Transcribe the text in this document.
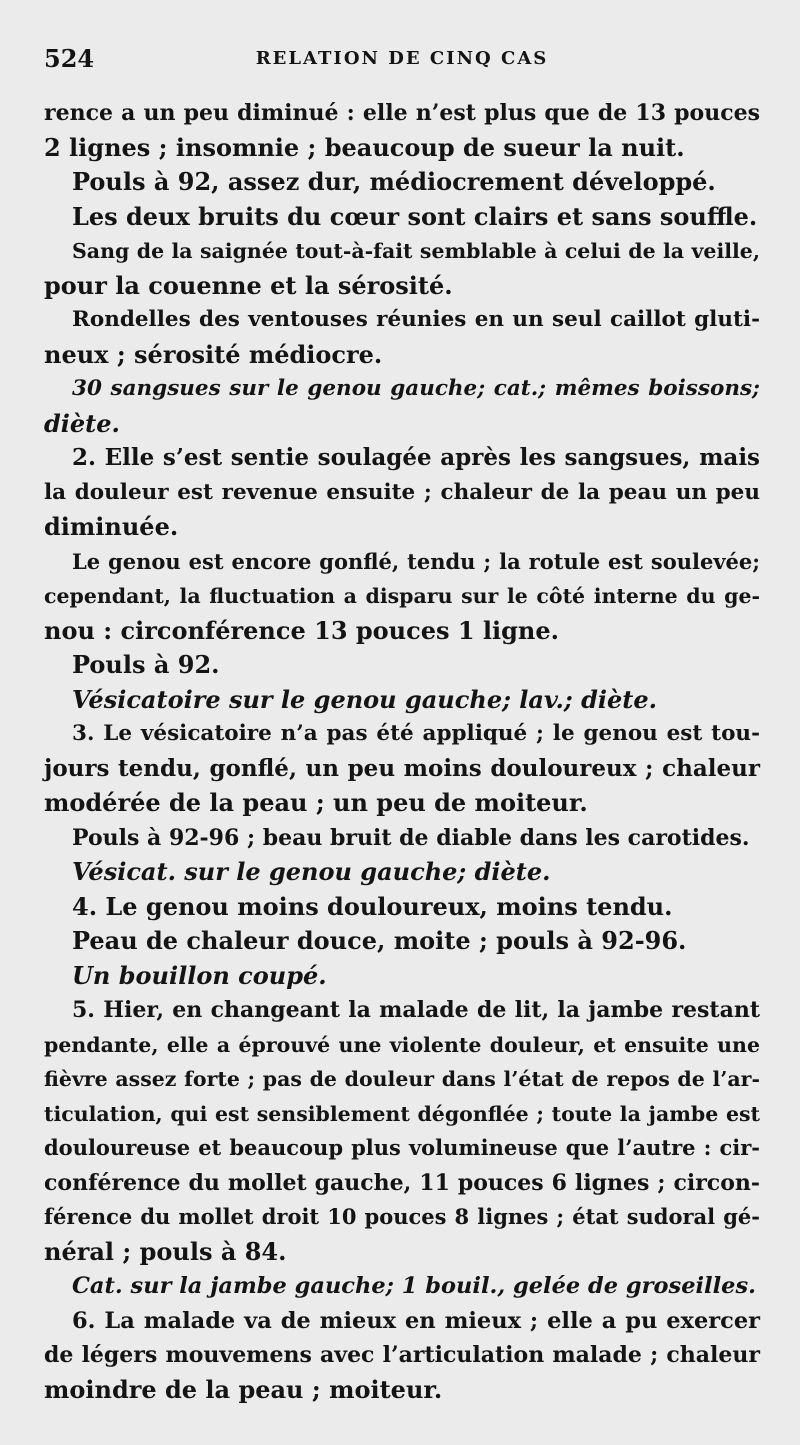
524	RELATION DE CINQ CAS
rence a un peu diminué : elle n’est plus que de 13 pouces
2 lignes ; insomnie ; beaucoup de sueur la nuit.
Pouls à 92, assez dur, médiocrement développé.
Les deux bruits du cœur sont clairs et sans souffle.
Sang de la saignée tout-à-fait semblable à celui de la veille,
pour la couenne et la sérosité.
Rondelles des ventouses réunies en un seul caillot gluti-
neux ; sérosité médiocre.
30 sangsues sur le genou gauche; cat.; mêmes boissons;
diète.
2. Elle s’est sentie soulagée après les sangsues, mais
la douleur est revenue ensuite ; chaleur de la peau un peu
diminuée.
Le genou est encore gonflé, tendu ; la rotule est soulevée;
cependant, la fluctuation a disparu sur le côté interne du ge-
nou : circonférence 13 pouces 1 ligne.
Pouls à 92.
Vésicatoire sur le genou gauche; lav.; diète.
3. Le vésicatoire n’a pas été appliqué ; le genou est tou-
jours tendu, gonflé, un peu moins douloureux ; chaleur
modérée de la peau ; un peu de moiteur.
Pouls à 92-96 ; beau bruit de diable dans les carotides.
Vésicat. sur le genou gauche; diète.
4. Le genou moins douloureux, moins tendu.
Peau de chaleur douce, moite ; pouls à 92-96.
Un bouillon coupé.
5. Hier, en changeant la malade de lit, la jambe restant
pendante, elle a éprouvé une violente douleur, et ensuite une
fièvre assez forte ; pas de douleur dans l’état de repos de l’ar-
ticulation, qui est sensiblement dégonflée ; toute la jambe est
douloureuse et beaucoup plus volumineuse que l’autre : cir-
conférence du mollet gauche, 11 pouces 6 lignes ; circon-
férence du mollet droit 10 pouces 8 lignes ; état sudoral gé-
néral ; pouls à 84.
Cat. sur la jambe gauche; 1 bouil., gelée de groseilles.
6. La malade va de mieux en mieux ; elle a pu exercer
de légers mouvemens avec l’articulation malade ; chaleur
moindre de la peau ; moiteur.
